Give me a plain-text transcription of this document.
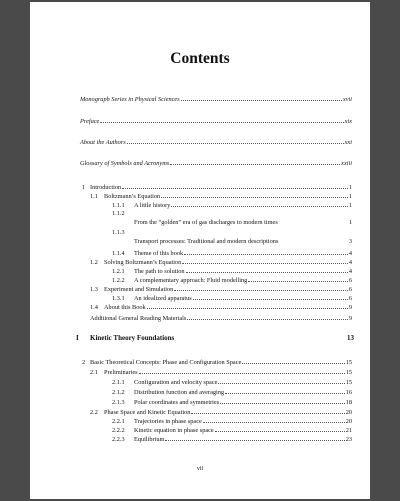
Contents
Monograph Series in Physical Sciences	xvii
Preface	xix
About the Authors	xxi
Glossary of Symbols and Acronyms	xxiii
1 Introduction	1
1.1 Boltzmann’s Equation	1
1.1.1	A little history	1
1.1.2
From the “golden” era of gas discharges to modern times	1
1.1.3
Transport processes: Traditional and modern descriptions	3
1.1.4	Theme of this book	4
1.2 Solving Boltzmann’s Equation	4
1.2.1	The path to solution	4
1.2.2	A complementary approach: Fluid modelling	6
1.3 Experiment and Simulation	6
1.3.1	An idealized apparatus	6
1.4 About this Book	9
Additional General Reading Materials	9
I	Kinetic Theory Foundations	13
2 Basic Theoretical Concepts: Phase and Configuration Space	15
2.1 Preliminaries	15
2.1.1	Configuration and velocity space	15
2.1.2	Distribution function and averaging	16
2.1.3	Polar coordinates and symmetries	18
2.2 Phase Space and Kinetic Equation	20
2.2.1	Trajectories in phase space	20
2.2.2	Kinetic equation in phase space	21
2.2.3	Equilibrium	23
vii
